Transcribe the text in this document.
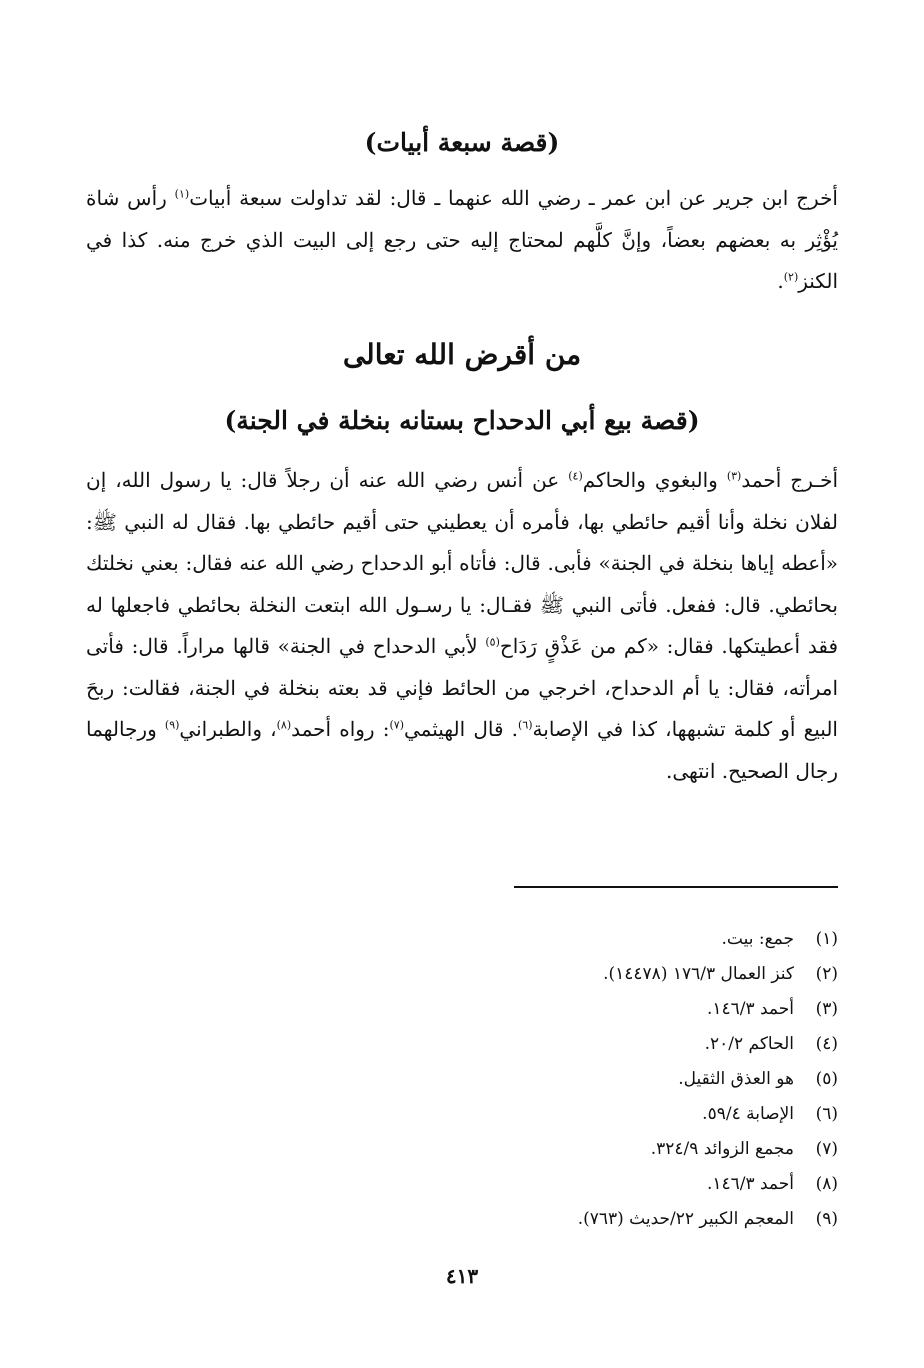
(قصة سبعة أبيات)

أخرج ابن جرير عن ابن عمر ـ رضي الله عنهما ـ قال: لقد تداولت سبعة أبيات$^{(١)}$ رأس شاة يُؤْثِر به بعضهم بعضاً، وإنَّ كلَّهم لمحتاج إليه حتى رجع إلى البيت الذي خرج منه. كذا في الكنز$^{(٢)}$.

من أقرض الله تعالى
(قصة بيع أبي الدحداح بستانه بنخلة في الجنة)

أخـرج أحمد$^{(٣)}$ والبغوي والحاكم$^{(٤)}$ عن أنس رضي الله عنه أن رجلاً قال: يا رسول الله، إن لفلان نخلة وأنا أقيم حائطي بها، فأمره أن يعطيني حتى أقيم حائطي بها. فقال له النبي ﷺ: «أعطه إياها بنخلة في الجنة» فأبى. قال: فأتاه أبو الدحداح رضي الله عنه فقال: بعني نخلتك بحائطي. قال: ففعل. فأتى النبي ﷺ فقـال: يا رسـول الله ابتعت النخلة بحائطي فاجعلها له فقد أعطيتكها. فقال: «كم من عَذْقٍ رَدَاح$^{(٥)}$ لأبي الدحداح في الجنة» قالها مراراً. قال: فأتى امرأته، فقال: يا أم الدحداح، اخرجي من الحائط فإني قد بعته بنخلة في الجنة، فقالت: ربحَ البيع أو كلمة تشبهها، كذا في الإصابة$^{(٦)}$. قال الهيثمي$^{(٧)}$: رواه أحمد$^{(٨)}$، والطبراني$^{(٩)}$ ورجالهما رجال الصحيح. انتهى.

(١)جمع: بيت.
(٢)كنز العمال ١٧٦/٣ (١٤٤٧٨).
(٣)أحمد ١٤٦/٣.
(٤)الحاكم ٢٠/٢.
(٥)هو العذق الثقيل.
(٦)الإصابة ٥٩/٤.
(٧)مجمع الزوائد ٣٢٤/٩.
(٨)أحمد ١٤٦/٣.
(٩)المعجم الكبير ٢٢/حديث (٧٦٣).
٤١٣
